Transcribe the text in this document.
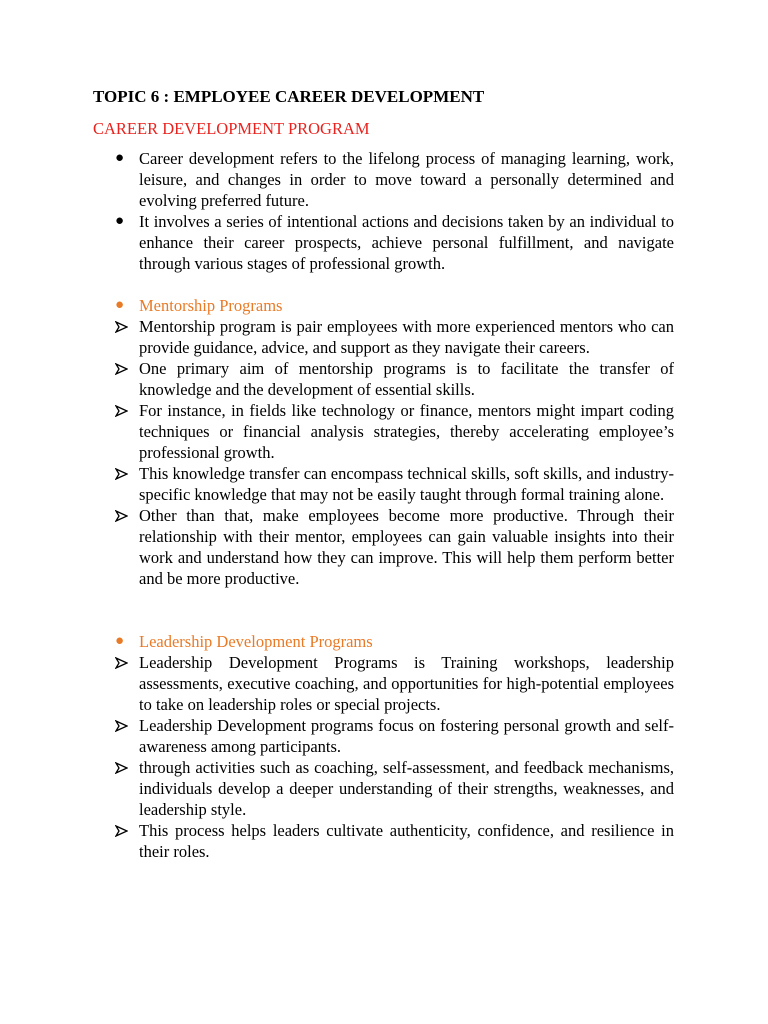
TOPIC 6 : EMPLOYEE CAREER DEVELOPMENT
CAREER DEVELOPMENT PROGRAM
● Career development refers to the lifelong process of managing learning, work, leisure, and changes in order to move toward a personally determined and evolving preferred future.
● It involves a series of intentional actions and decisions taken by an individual to enhance their career prospects, achieve personal fulfillment, and navigate through various stages of professional growth.
● Mentorship Programs
Mentorship program is pair employees with more experienced mentors who can provide guidance, advice, and support as they navigate their careers.
One primary aim of mentorship programs is to facilitate the transfer of knowledge and the development of essential skills.
For instance, in fields like technology or finance, mentors might impart coding techniques or financial analysis strategies, thereby accelerating employee’s professional growth.
This knowledge transfer can encompass technical skills, soft skills, and industry-specific knowledge that may not be easily taught through formal training alone.
Other than that, make employees become more productive. Through their relationship with their mentor, employees can gain valuable insights into their work and understand how they can improve. This will help them perform better and be more productive.
● Leadership Development Programs
Leadership Development Programs is Training workshops, leadership assessments, executive coaching, and opportunities for high-potential employees to take on leadership roles or special projects.
Leadership Development programs focus on fostering personal growth and self-awareness among participants.
through activities such as coaching, self-assessment, and feedback mechanisms, individuals develop a deeper understanding of their strengths, weaknesses, and leadership style.
This process helps leaders cultivate authenticity, confidence, and resilience in their roles.
